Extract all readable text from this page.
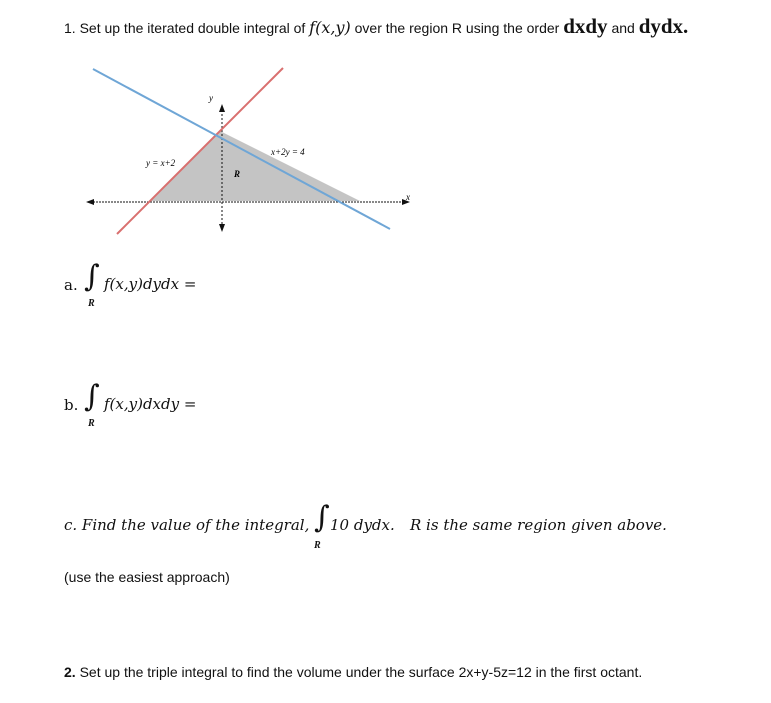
1. Set up the iterated double integral of f(x,y) over the region R using the order dxdy and dydx.
y
x
y = x+2
x+2y = 4
R
a. ∫ f(x,y)dydx =
R
b. ∫ f(x,y)dxdy =
R
c. Find the value of the integral, ∫ 10 dydx. R is the same region given above.
R
(use the easiest approach)
2. Set up the triple integral to find the volume under the surface 2x+y-5z=12 in the first octant.
